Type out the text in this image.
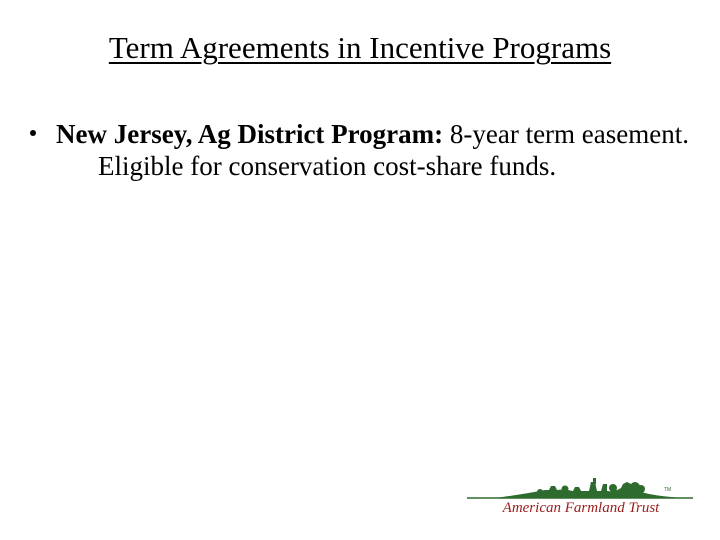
Term Agreements in Incentive Programs
New Jersey, Ag District Program: 8-year term easement. Eligible for conservation cost-share funds.
TM
American Farmland Trust
